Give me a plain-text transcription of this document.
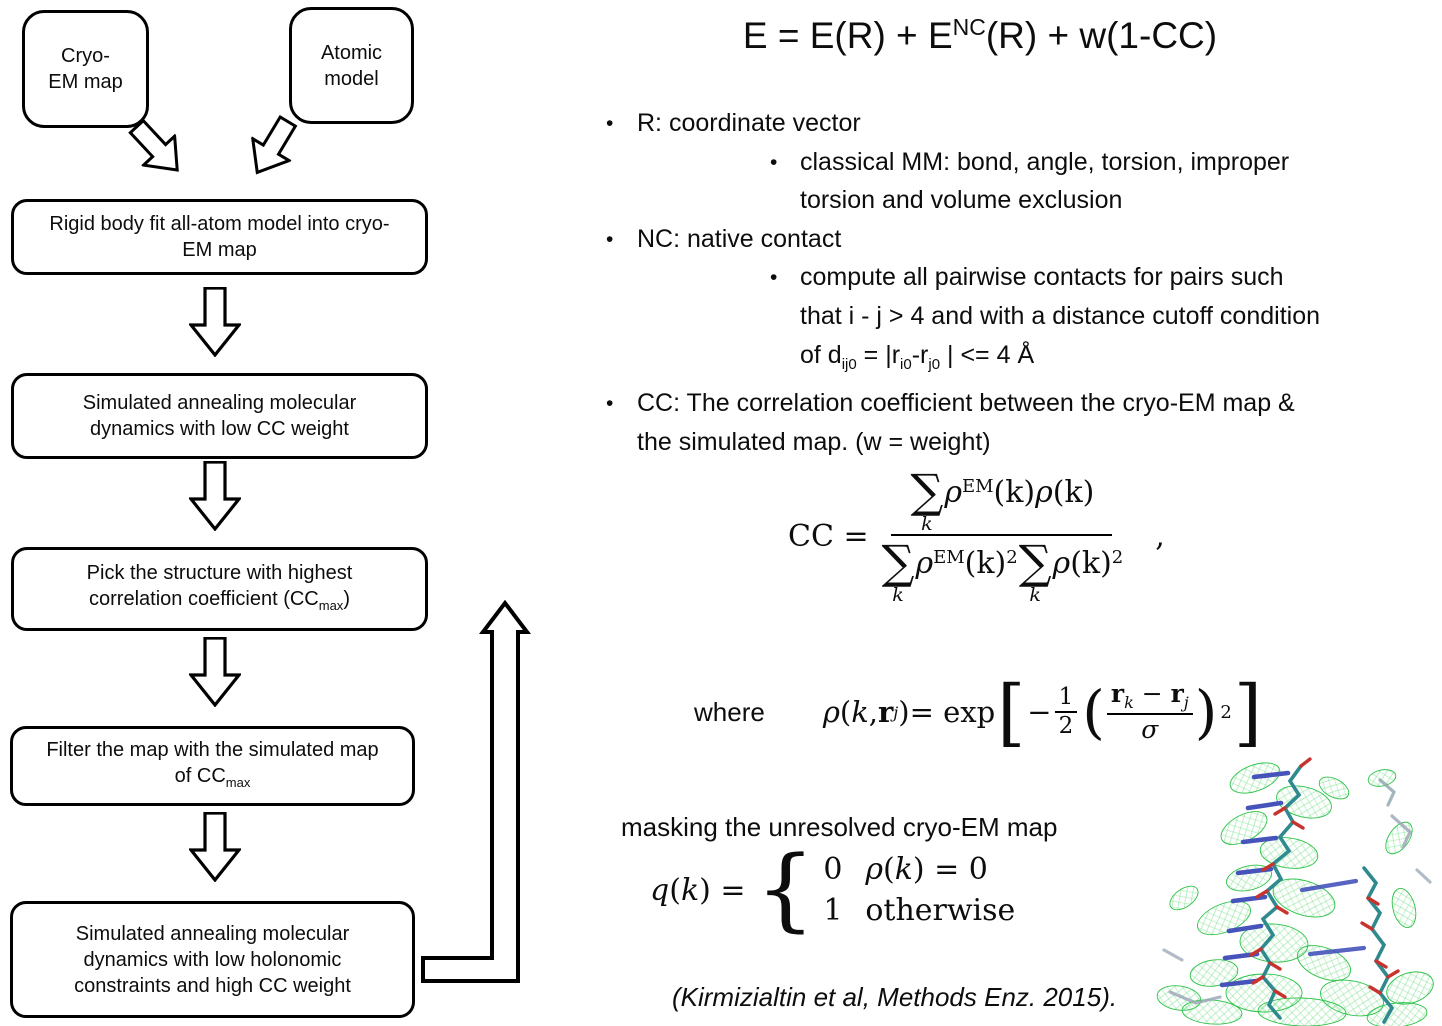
Cryo-
EM map
Atomic
model
Rigid body fit all-atom model into cryo-
EM map
Simulated annealing molecular
dynamics with low CC weight
Pick the structure with highest
correlation coefficient $(CC_{max})$
Filter the map with the simulated map
of $CC_{max}$
Simulated annealing molecular
dynamics with low holonomic
constraints and high CC weight
$E = E(R) + E^{NC}(R) + w(1-CC)$
• R: coordinate vector
• classical MM: bond, angle, torsion, improper
torsion and volume exclusion
• NC: native contact
• compute all pairwise contacts for pairs such
that i - j > 4 and with a distance cutoff condition
of $d_{ij0} = |r_{i0}-r_{j0}$ | <= 4 Å
• CC: The correlation coefficient between the cryo-EM map &
the simulated map. (w = weight)
CC =
∑
k
$\rho^{EM}(k)\rho(k)$
∑
k
$\rho^{EM}(k)^2$ ∑
k
$\rho(k)^2$
,
where ρ ( k , r j ) = exp [ − $\frac{1}{2}$ ( $\frac{r_k - r_j}{\sigma}$ ) 2 ]
masking the unresolved cryo-EM map
q(k) = { 0 ρ(k) = 0
1 otherwise
(Kirmizialtin et al, Methods Enz. 2015).
